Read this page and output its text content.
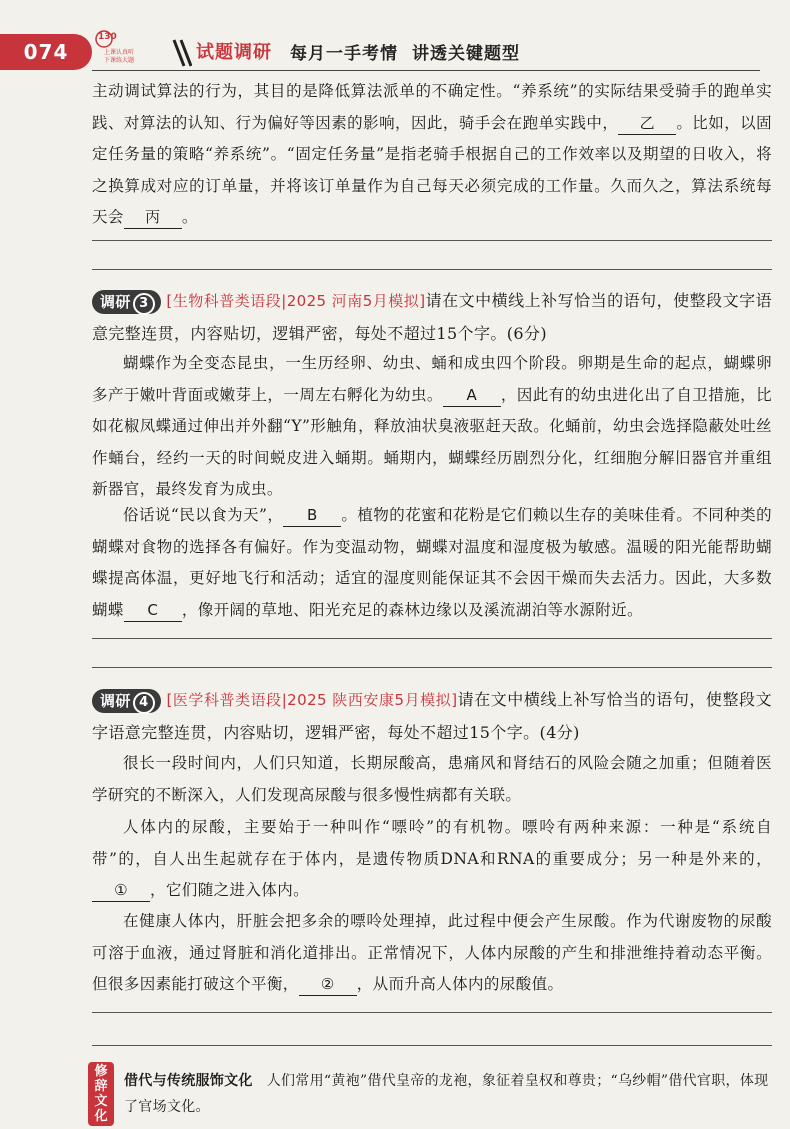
074
130
上课认真听
下课练大题	试题调研 每月一手考情 讲透关键题型
主动调试算法的行为，其目的是降低算法派单的不确定性。“养系统”的实际结果受骑手的跑单实践、对算法的认知、行为偏好等因素的影响，因此，骑手会在跑单实践中， 乙 。比如，以固定任务量的策略“养系统”。“固定任务量”是指老骑手根据自己的工作效率以及期望的日收入，将之换算成对应的订单量，并将该订单量作为自己每天必须完成的工作量。久而久之，算法系统每天会 丙 。
调研 3 [生物科普类语段|2025 河南5月模拟]请在文中横线上补写恰当的语句，使整段文字语意完整连贯，内容贴切，逻辑严密，每处不超过15个字。(6分)
蝴蝶作为全变态昆虫，一生历经卵、幼虫、蛹和成虫四个阶段。卵期是生命的起点，蝴蝶卵多产于嫩叶背面或嫩芽上，一周左右孵化为幼虫。 A ，因此有的幼虫进化出了自卫措施，比如花椒凤蝶通过伸出并外翻“Y”形触角，释放油状臭液驱赶天敌。化蛹前，幼虫会选择隐蔽处吐丝作蛹台，经约一天的时间蜕皮进入蛹期。蛹期内，蝴蝶经历剧烈分化，红细胞分解旧器官并重组新器官，最终发育为成虫。
俗话说“民以食为天”， B 。植物的花蜜和花粉是它们赖以生存的美味佳肴。不同种类的蝴蝶对食物的选择各有偏好。作为变温动物，蝴蝶对温度和湿度极为敏感。温暖的阳光能帮助蝴蝶提高体温，更好地飞行和活动；适宜的湿度则能保证其不会因干燥而失去活力。因此，大多数蝴蝶 C ，像开阔的草地、阳光充足的森林边缘以及溪流湖泊等水源附近。
调研 4 [医学科普类语段|2025 陕西安康5月模拟]请在文中横线上补写恰当的语句，使整段文字语意完整连贯，内容贴切，逻辑严密，每处不超过15个字。(4分)
很长一段时间内，人们只知道，长期尿酸高，患痛风和肾结石的风险会随之加重；但随着医学研究的不断深入，人们发现高尿酸与很多慢性病都有关联。
人体内的尿酸，主要始于一种叫作“嘌呤”的有机物。嘌呤有两种来源：一种是“系统自带”的，自人出生起就存在于体内，是遗传物质DNA和RNA的重要成分；另一种是外来的，① ，它们随之进入体内。
在健康人体内，肝脏会把多余的嘌呤处理掉，此过程中便会产生尿酸。作为代谢废物的尿酸可溶于血液，通过肾脏和消化道排出。正常情况下，人体内尿酸的产生和排泄维持着动态平衡。但很多因素能打破这个平衡， ② ，从而升高人体内的尿酸值。
修
辞
文
化
借代与传统服饰文化 人们常用“黄袍”借代皇帝的龙袍，象征着皇权和尊贵；“乌纱帽”借代官职，体现了官场文化。
